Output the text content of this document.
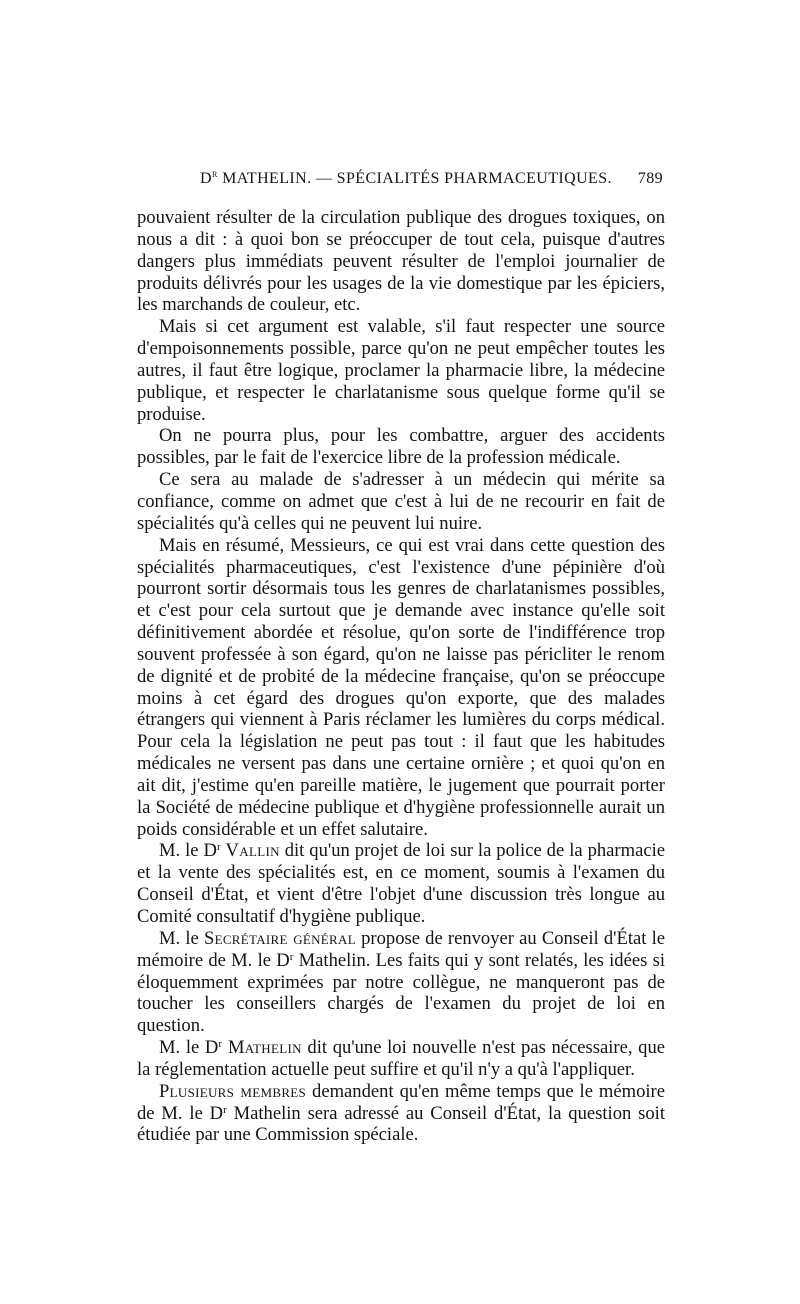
$D^r$ MATHELIN. — SPÉCIALITÉS PHARMACEUTIQUES. 789

pouvaient résulter de la circulation publique des drogues toxiques, on nous a dit : à quoi bon se préoccuper de tout cela, puisque d'autres dangers plus immédiats peuvent résulter de l'emploi journalier de produits délivrés pour les usages de la vie domestique par les épiciers, les marchands de couleur, etc.

Mais si cet argument est valable, s'il faut respecter une source d'empoisonnements possible, parce qu'on ne peut empêcher toutes les autres, il faut être logique, proclamer la pharmacie libre, la médecine publique, et respecter le charlatanisme sous quelque forme qu'il se produise.

On ne pourra plus, pour les combattre, arguer des accidents possibles, par le fait de l'exercice libre de la profession médicale.

Ce sera au malade de s'adresser à un médecin qui mérite sa confiance, comme on admet que c'est à lui de ne recourir en fait de spécialités qu'à celles qui ne peuvent lui nuire.

Mais en résumé, Messieurs, ce qui est vrai dans cette question des spécialités pharmaceutiques, c'est l'existence d'une pépinière d'où pourront sortir désormais tous les genres de charlatanismes possibles, et c'est pour cela surtout que je demande avec instance qu'elle soit définitivement abordée et résolue, qu'on sorte de l'indifférence trop souvent professée à son égard, qu'on ne laisse pas péricliter le renom de dignité et de probité de la médecine française, qu'on se préoccupe moins à cet égard des drogues qu'on exporte, que des malades étrangers qui viennent à Paris réclamer les lumières du corps médical. Pour cela la législation ne peut pas tout : il faut que les habitudes médicales ne versent pas dans une certaine ornière ; et quoi qu'on en ait dit, j'estime qu'en pareille matière, le jugement que pourrait porter la Société de médecine publique et d'hygiène professionnelle aurait un poids considérable et un effet salutaire.

M. le $D^r$ Vallin dit qu'un projet de loi sur la police de la pharmacie et la vente des spécialités est, en ce moment, soumis à l'examen du Conseil d'État, et vient d'être l'objet d'une discussion très longue au Comité consultatif d'hygiène publique.

M. le Secrétaire général propose de renvoyer au Conseil d'État le mémoire de M. le $D^r$ Mathelin. Les faits qui y sont relatés, les idées si éloquemment exprimées par notre collègue, ne manqueront pas de toucher les conseillers chargés de l'examen du projet de loi en question.

M. le $D^r$ Mathelin dit qu'une loi nouvelle n'est pas nécessaire, que la réglementation actuelle peut suffire et qu'il n'y a qu'à l'appliquer.

Plusieurs membres demandent qu'en même temps que le mémoire de M. le $D^r$ Mathelin sera adressé au Conseil d'État, la question soit étudiée par une Commission spéciale.
